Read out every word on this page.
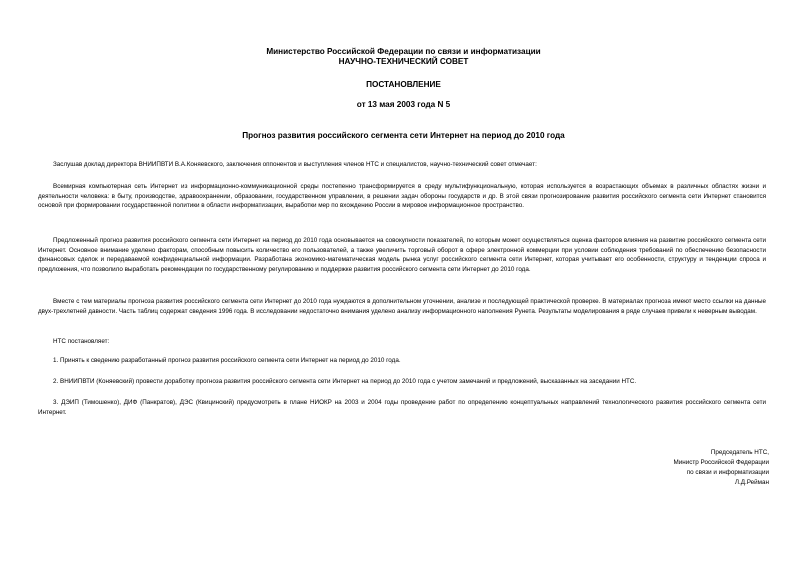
Министерство Российской Федерации по связи и информатизации
НАУЧНО-ТЕХНИЧЕСКИЙ СОВЕТ
ПОСТАНОВЛЕНИЕ
от 13 мая 2003 года N 5
Прогноз развития российского сегмента сети Интернет на период до 2010 года
Заслушав доклад директора ВНИИПВТИ В.А.Коняевского, заключения оппонентов и выступления членов НТС и специалистов, научно-технический совет отмечает:
Всемирная компьютерная сеть Интернет из информационно-коммуникационной среды постепенно трансформируется в среду мультифункциональную, которая используется в возрастающих объемах в различных областях жизни и деятельности человека: в быту, производстве, здравоохранении, образовании, государственном управлении, в решении задач обороны государств и др. В этой связи прогнозирование развития российского сегмента сети Интернет становится основой при формировании государственной политики в области информатизации, выработки мер по вхождению России в мировое информационное пространство.
Предложенный прогноз развития российского сегмента сети Интернет на период до 2010 года основывается на совокупности показателей, по которым может осуществляться оценка факторов влияния на развитие российского сегмента сети Интернет. Основное внимание уделено факторам, способным повысить количество его пользователей, а также увеличить торговый оборот в сфере электронной коммерции при условии соблюдения требований по обеспечению безопасности финансовых сделок и передаваемой конфиденциальной информации. Разработана экономико-математическая модель рынка услуг российского сегмента сети Интернет, которая учитывает его особенности, структуру и тенденции спроса и предложения, что позволило выработать рекомендации по государственному регулированию и поддержке развития российского сегмента сети Интернет до 2010 года.
Вместе с тем материалы прогноза развития российского сегмента сети Интернет до 2010 года нуждаются в дополнительном уточнении, анализе и последующей практической проверке. В материалах прогноза имеют место ссылки на данные двух-трехлетней давности. Часть таблиц содержат сведения 1996 года. В исследовании недостаточно внимания уделено анализу информационного наполнения Рунета. Результаты моделирования в ряде случаев привели к неверным выводам.
НТС постановляет:
1. Принять к сведению разработанный прогноз развития российского сегмента сети Интернет на период до 2010 года.
2. ВНИИПВТИ (Коняевский) провести доработку прогноза развития российского сегмента сети Интернет на период до 2010 года с учетом замечаний и предложений, высказанных на заседании НТС.
3. ДЭИП (Тимошенко), ДИФ (Панкратов), ДЭС (Квицинский) предусмотреть в плане НИОКР на 2003 и 2004 годы проведение работ по определению концептуальных направлений технологического развития российского сегмента сети Интернет.
Председатель НТС,
Министр Российской Федерации
по связи и информатизации
Л.Д.Рейман
